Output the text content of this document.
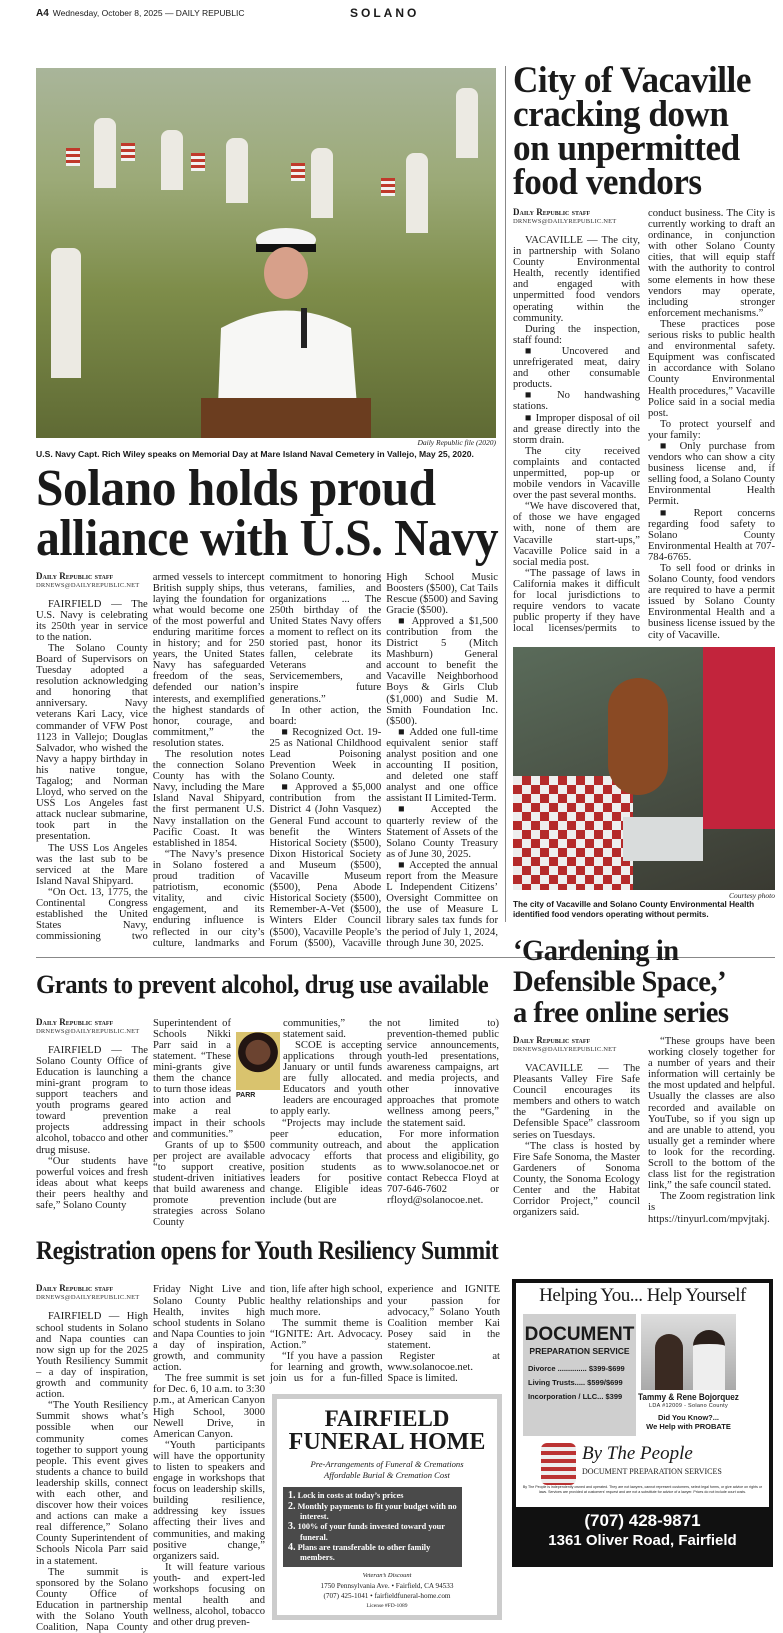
A4 Wednesday, October 8, 2025 — DAILY REPUBLIC	SOLANO
Daily Republic file (2020)
U.S. Navy Capt. Rich Wiley speaks on Memorial Day at Mare Island Naval Cemetery in Vallejo, May 25, 2020.
Solano holds proud
alliance with U.S. Navy
Daily Republic staff
DRNEWS@DAILYREPUBLIC.NET

FAIRFIELD — The U.S. Navy is celebrating its 250th year in service to the nation.

The Solano County Board of Supervisors on Tuesday adopted a resolution acknowledging and honoring that anniversary. Navy veterans Kari Lacy, vice commander of VFW Post 1123 in Vallejo; Douglas Salvador, who wished the Navy a happy birthday in his native tongue, Tagalog; and Norman Lloyd, who served on the USS Los Angeles fast attack nuclear submarine, took part in the presentation.

The USS Los Angeles was the last sub to be serviced at the Mare Island Naval Shipyard.

“On Oct. 13, 1775, the Continental Congress established the United States Navy, commissioning two armed vessels to intercept British supply ships, thus laying the foundation for what would become one of the most powerful and enduring maritime forces in history; and for 250 years, the United States Navy has safeguarded freedom of the seas, defended our nation’s interests, and exemplified the highest standards of honor, courage, and commitment,” the resolution states.

The resolution notes the connection Solano County has with the Navy, including the Mare Island Naval Shipyard, the first permanent U.S. Navy installation on the Pacific Coast. It was established in 1854.

“The Navy’s presence in Solano fostered a proud tradition of patriotism, economic vitality, and civic engagement, and its enduring influence is reflected in our city’s culture, landmarks and commitment to honoring veterans, families, and organizations ... The 250th birthday of the United States Navy offers a moment to reflect on its storied past, honor its fallen, celebrate its Veterans and Servicemembers, and inspire future generations.”

In other action, the board:

■ Recognized Oct. 19-25 as National Childhood Lead Poisoning Prevention Week in Solano County.

■ Approved a $5,000 contribution from the District 4 (John Vasquez) General Fund account to benefit the Winters Historical Society ($500), Dixon Historical Society and Museum ($500), Vacaville Museum ($500), Pena Abode Historical Society ($500), Remember-A-Vet ($500), Winters Elder Council ($500), Vacaville People’s Forum ($500), Vacaville High School Music Boosters ($500), Cat Tails Rescue ($500) and Saving Gracie ($500).

■ Approved a $1,500 contribution from the District 5 (Mitch Mashburn) General account to benefit the Vacaville Neighborhood Boys & Girls Club ($1,000) and Sudie M. Smith Foundation Inc. ($500).

■ Added one full-time equivalent senior staff analyst position and one accounting II position, and deleted one staff analyst and one office assistant II Limited-Term.

■ Accepted the quarterly review of the Statement of Assets of the Solano County Treasury as of June 30, 2025.

■ Accepted the annual report from the Measure L Independent Citizens’ Oversight Committee on the use of Measure L library sales tax funds for the period of July 1, 2024, through June 30, 2025.

City of Vacaville
cracking down
on unpermitted
food vendors
Daily Republic staff
DRNEWS@DAILYREPUBLIC.NET

VACAVILLE — The city, in partnership with Solano County Environmental Health, recently identified and engaged with unpermitted food vendors operating within the community.

During the inspection, staff found:

■ Uncovered and unrefrigerated meat, dairy and other consumable products.

■ No handwashing stations.

■ Improper disposal of oil and grease directly into the storm drain.

The city received complaints and contacted unpermitted, pop-up or mobile vendors in Vacaville over the past several months.

“We have discovered that, of those we have engaged with, none of them are Vacaville start-ups,” Vacaville Police said in a social media post.

“The passage of laws in California makes it difficult for local jurisdictions to require vendors to vacate public property if they have local licenses/permits to conduct business. The City is currently working to draft an ordinance, in conjunction with other Solano County cities, that will equip staff with the authority to control some elements in how these vendors may operate, including stronger enforcement mechanisms.”

These practices pose serious risks to public health and environmental safety. Equipment was confiscated in accordance with Solano County Environmental Health procedures,” Vacaville Police said in a social media post.

To protect yourself and your family:

■ Only purchase from vendors who can show a city business license and, if selling food, a Solano County Environmental Health Permit.

■ Report concerns regarding food safety to Solano County Environmental Health at 707-784-6765.

To sell food or drinks in Solano County, food vendors are required to have a permit issued by Solano County Environmental Health and a business license issued by the city of Vacaville.

Courtesy photo
The city of Vacaville and Solano County Environmental Health identified food vendors operating without permits.
Grants to prevent alcohol, drug use available
Daily Republic staff
DRNEWS@DAILYREPUBLIC.NET

FAIRFIELD — The Solano County Office of Education is launching a mini-grant program to support teachers and youth programs geared toward prevention projects addressing alcohol, tobacco and other drug misuse.

“Our students have powerful voices and fresh ideas about what keeps their peers healthy and safe,” Solano County

Superintendent of Schools Nikki Parr said in a statement. “These mini-grants give them the chance to turn those ideas into action and make a real impact in their schools and communities.”

Grants of up to $500 per project are available “to support creative, student-driven initiatives that build awareness and promote prevention strategies across Solano County

communities,” the statement said.

SCOE is accepting applications through January or until funds are fully allocated. Educators and youth leaders are encouraged to apply early.

“Projects may include peer education, community outreach, and advocacy efforts that position students as leaders for positive change. Eligible ideas include (but are

not limited to) prevention-themed public service announcements, youth-led presentations, awareness campaigns, art and media projects, and other innovative approaches that promote wellness among peers,” the statement said.

For more information about the application process and eligibility, go to www.solanocoe.net or contact Rebecca Floyd at 707-646-7602 or rfloyd@solanocoe.net.

PARR
‘Gardening in
Defensible Space,’
a free online series
Daily Republic staff
DRNEWS@DAILYREPUBLIC.NET

VACAVILLE — The Pleasants Valley Fire Safe Council encourages its members and others to watch the “Gardening in the Defensible Space” classroom series on Tuesdays.

“The class is hosted by Fire Safe Sonoma, the Master Gardeners of Sonoma County, the Sonoma Ecology Center and the Habitat Corridor Project,” council organizers said.

“These groups have been working closely together for a number of years and their information will certainly be the most updated and helpful. Usually the classes are also recorded and available on YouTube, so if you sign up and are unable to attend, you usually get a reminder where to look for the recording. Scroll to the bottom of the class list for the registration link,” the safe council stated.

The Zoom registration link is https://tinyurl.com/mpvjtakj.

Registration opens for Youth Resiliency Summit
Daily Republic staff
DRNEWS@DAILYREPUBLIC.NET

FAIRFIELD — High school students in Solano and Napa counties can now sign up for the 2025 Youth Resiliency Summit – a day of inspiration, growth and community action.

“The Youth Resiliency Summit shows what’s possible when our community comes together to support young people. This event gives students a chance to build leadership skills, connect with each other, and discover how their voices and actions can make a real difference,” Solano County Superintendent of Schools Nicola Parr said in a statement.

The summit is sponsored by the Solano County Office of Education in partnership with the Solano Youth Coalition, Napa County Friday Night Live and Solano County Public Health, invites high school students in Solano and Napa Counties to join a day of inspiration, growth, and community action.

The free summit is set for Dec. 6, 10 a.m. to 3:30 p.m., at American Canyon High School, 3000 Newell Drive, in American Canyon.

“Youth participants will have the opportunity to listen to speakers and engage in workshops that focus on leadership skills, building resilience, addressing key issues affecting their lives and communities, and making positive change,” organizers said.

It will feature various youth- and expert-led workshops focusing on mental health and wellness, alcohol, tobacco and other drug preven-

tion, life after high school, healthy relationships and much more.

The summit theme is “IGNITE: Art. Advocacy. Action.”

“If you have a passion for learning and growth, join us for a fun-filled experience and IGNITE your passion for advocacy,” Solano Youth Coalition member Kai Posey said in the statement.

Register at www.solanocoe.net. Space is limited.

FAIRFIELD
FUNERAL HOME
Pre-Arrangements of Funeral & Cremations
Affordable Burial & Cremation Cost
1. Lock in costs at today’s prices
2. Monthly payments to fit your budget with no interest.
3. 100% of your funds invested toward your funeral.
4. Plans are transferable to other family members.
Veteran’s Discount
1750 Pennsylvania Ave. • Fairfield, CA 94533
(707) 425-1041 • fairfieldfuneral-home.com
License #FD-1089
Helping You... Help Yourself
DOCUMENT
PREPARATION SERVICE
Divorce .............. $399-$699
Living Trusts..... $599/$699
Incorporation / LLC... $399	Tammy & Rene Bojorquez
LDA #12009 - Solano County
Did You Know?...
We Help with PROBATE
By The People
DOCUMENT PREPARATION SERVICES
By The People is independently owned and operated. They are not lawyers, cannot represent customers, select legal forms, or give advice on rights or laws. Services are provided at customers’ request and are not a substitute for advice of a lawyer. Prices do not include court costs.
(707) 428-9871
1361 Oliver Road, Fairfield
